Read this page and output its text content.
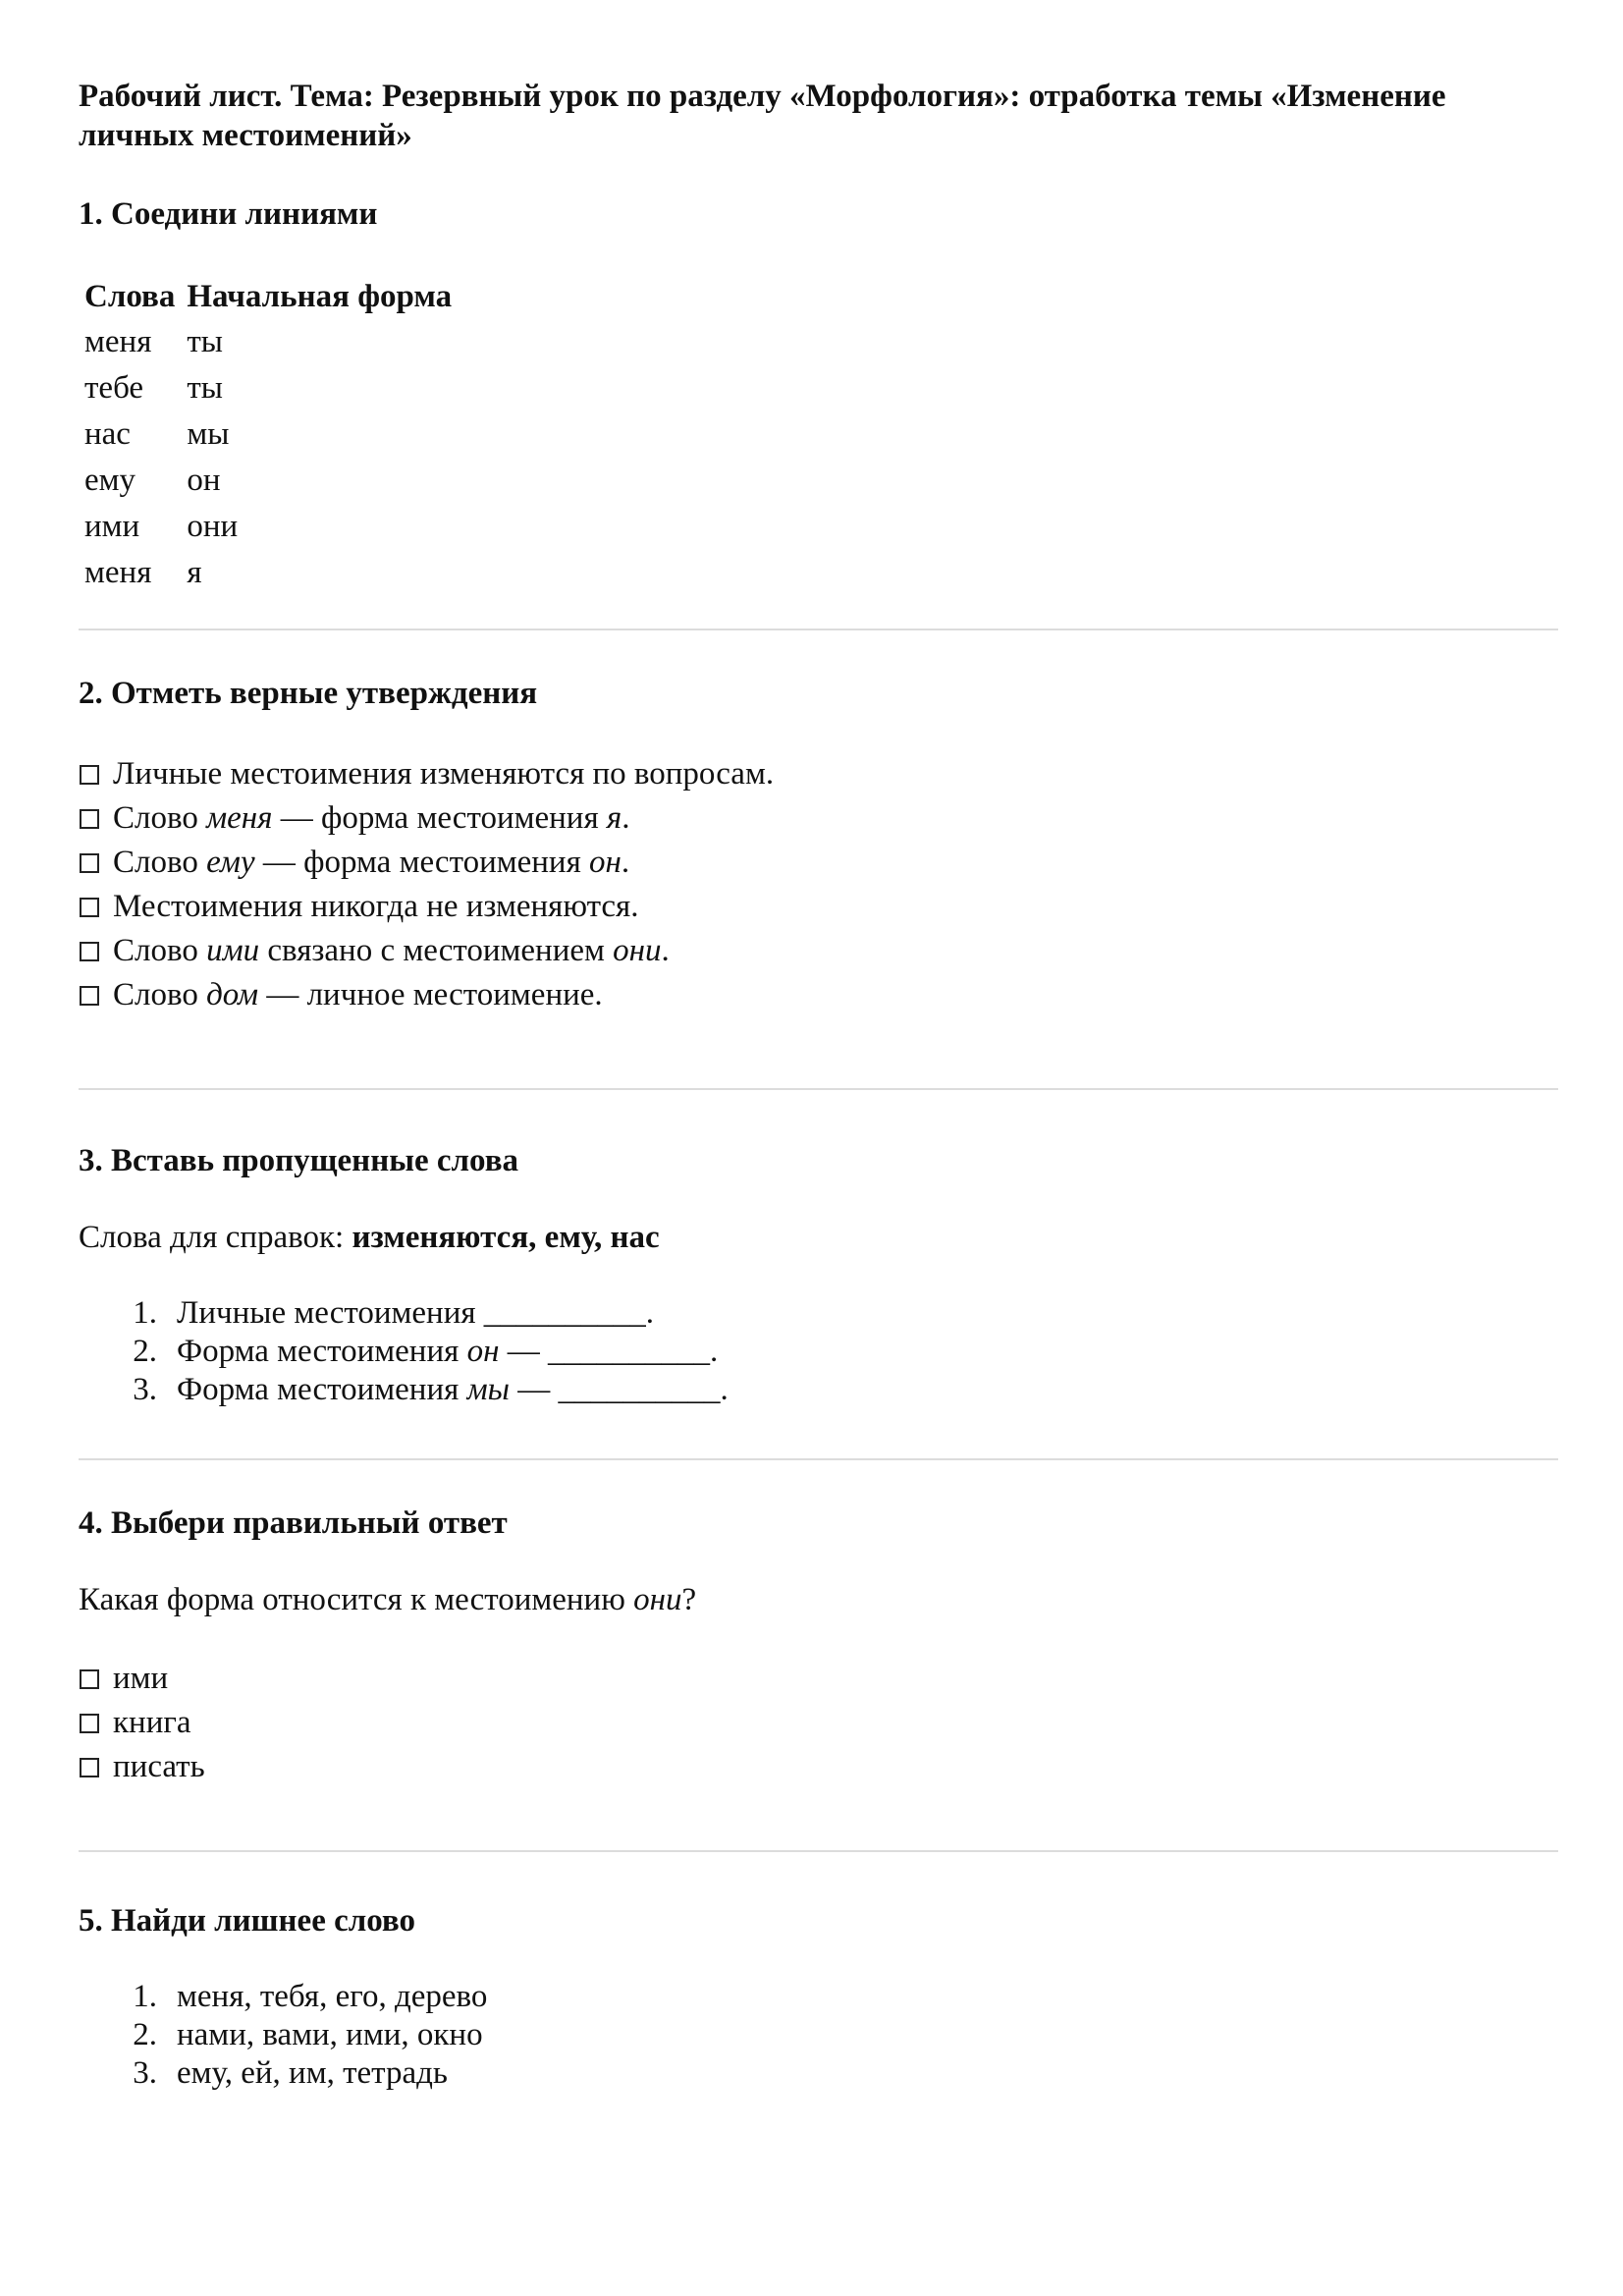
Рабочий лист. Тема: Резервный урок по разделу «Морфология»: отработка темы «Изменение личных местоимений»
1. Соедини линиями
Слова	Начальная форма
меня	ты
тебе	ты
нас	мы
ему	он
ими	они
меня	я
2. Отметь верные утверждения
Личные местоимения изменяются по вопросам.
Слово меня — форма местоимения я.
Слово ему — форма местоимения он.
Местоимения никогда не изменяются.
Слово ими связано с местоимением они.
Слово дом — личное местоимение.
3. Вставь пропущенные слова
Слова для справок: изменяются, ему, нас
1. Личные местоимения __________.
2. Форма местоимения он — __________.
3. Форма местоимения мы — __________.
4. Выбери правильный ответ
Какая форма относится к местоимению они?
ими
книга
писать
5. Найди лишнее слово
1. меня, тебя, его, дерево
2. нами, вами, ими, окно
3. ему, ей, им, тетрадь
